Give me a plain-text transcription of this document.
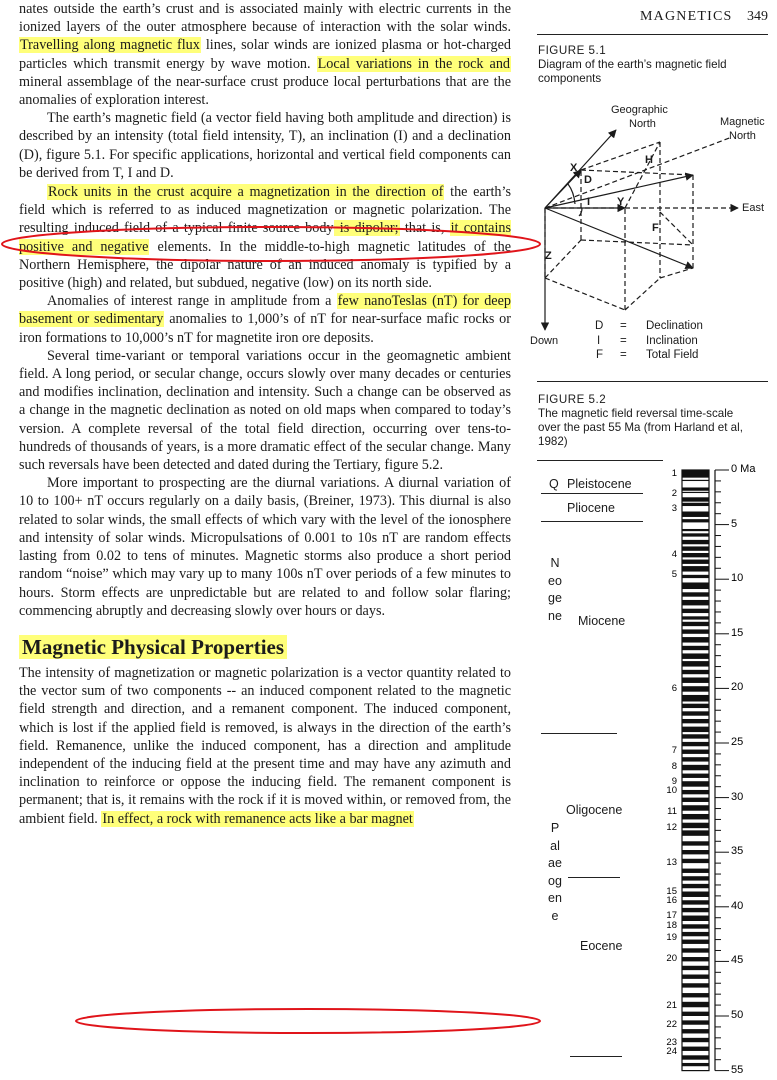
MAGNETICS 349

nates outside the earth’s crust and is associated mainly with electric currents in the ionized layers of the outer atmosphere because of interaction with the solar winds. Travelling along magnetic flux lines, solar winds are ionized plasma or hot-charged particles which transmit energy by wave motion. Local variations in the rock and mineral assemblage of the near-surface crust produce local perturbations that are the anomalies of exploration interest.

The earth’s magnetic field (a vector field having both amplitude and direction) is described by an intensity (total field intensity, T), an inclination (I) and a declination (D), figure 5.1. For specific applications, horizontal and vertical field components can be derived from T, I and D.

Rock units in the crust acquire a magnetization in the direction of the earth’s field which is referred to as induced magnetization or magnetic polarization. The resulting induced field of a typical finite source body is dipolar; that is, it contains positive and negative elements. In the middle-to-high magnetic latitudes of the Northern Hemisphere, the dipolar nature of an induced anomaly is typified by a positive (high) and related, but subdued, negative (low) on its north side.

Anomalies of interest range in amplitude from a few nanoTeslas (nT) for deep basement or sedimentary anomalies to 1,000’s of nT for near-surface mafic rocks or iron formations to 10,000’s nT for magnetite iron ore deposits.

Several time-variant or temporal variations occur in the geomagnetic ambient field. A long period, or secular change, occurs slowly over many decades or centuries and modifies inclination, declination and intensity. Such a change can be observed as a change in the magnetic declination as noted on old maps when compared to today’s version. A complete reversal of the total field direction, occurring over tens-to-hundreds of thousands of years, is a more dramatic effect of the secular change. Many such reversals have been detected and dated during the Tertiary, figure 5.2.

More important to prospecting are the diurnal variations. A diurnal variation of 10 to 100+ nT occurs regularly on a daily basis, (Breiner, 1973). This diurnal is also related to solar winds, the small effects of which vary with the level of the ionosphere and intensity of solar winds. Micropulsations of 0.001 to 10s nT are random effects lasting from 0.02 to tens of minutes. Magnetic storms also produce a short period random “noise” which may vary up to many 100s nT over periods of a few minutes to hours. Storm effects are unpredictable but are related to and follow solar flaring; commencing abruptly and decreasing slowly over hours or days.

Magnetic Physical Properties

The intensity of magnetization or magnetic polarization is a vector quantity related to the vector sum of two components -- an induced component related to the magnetic field strength and direction, and a remanent component. The induced component, which is lost if the applied field is removed, is always in the direction of the earth’s field. Remanence, unlike the induced component, has a direction and amplitude independent of the inducing field at the present time and may have any azimuth and inclination to reinforce or oppose the inducing field. The remanent component is permanent; that is, it remains with the rock if it is moved within, or removed from, the ambient field. In effect, a rock with remanence acts like a bar magnet

FIGURE 5.1
Diagram of the earth’s magnetic field components
Geographic
North	Magnetic
North
East
Down
X
Y
Z
H
F
D
I
D = Declination
I = Inclination
F = Total Field
FIGURE 5.2
The magnetic field reversal time-scale over the past 55 Ma (from Harland et al, 1982)
Q Pleistocene
Pliocene
Miocene
Oligocene
Eocene
Neogene
Palaeogene
1
2
3
4
5
6
7
8
9
10
11
12
13
15
16
17
18
19
20
21
22
23
24
0 Ma
5
10
15
20
25
30
35
40
45
50
55
